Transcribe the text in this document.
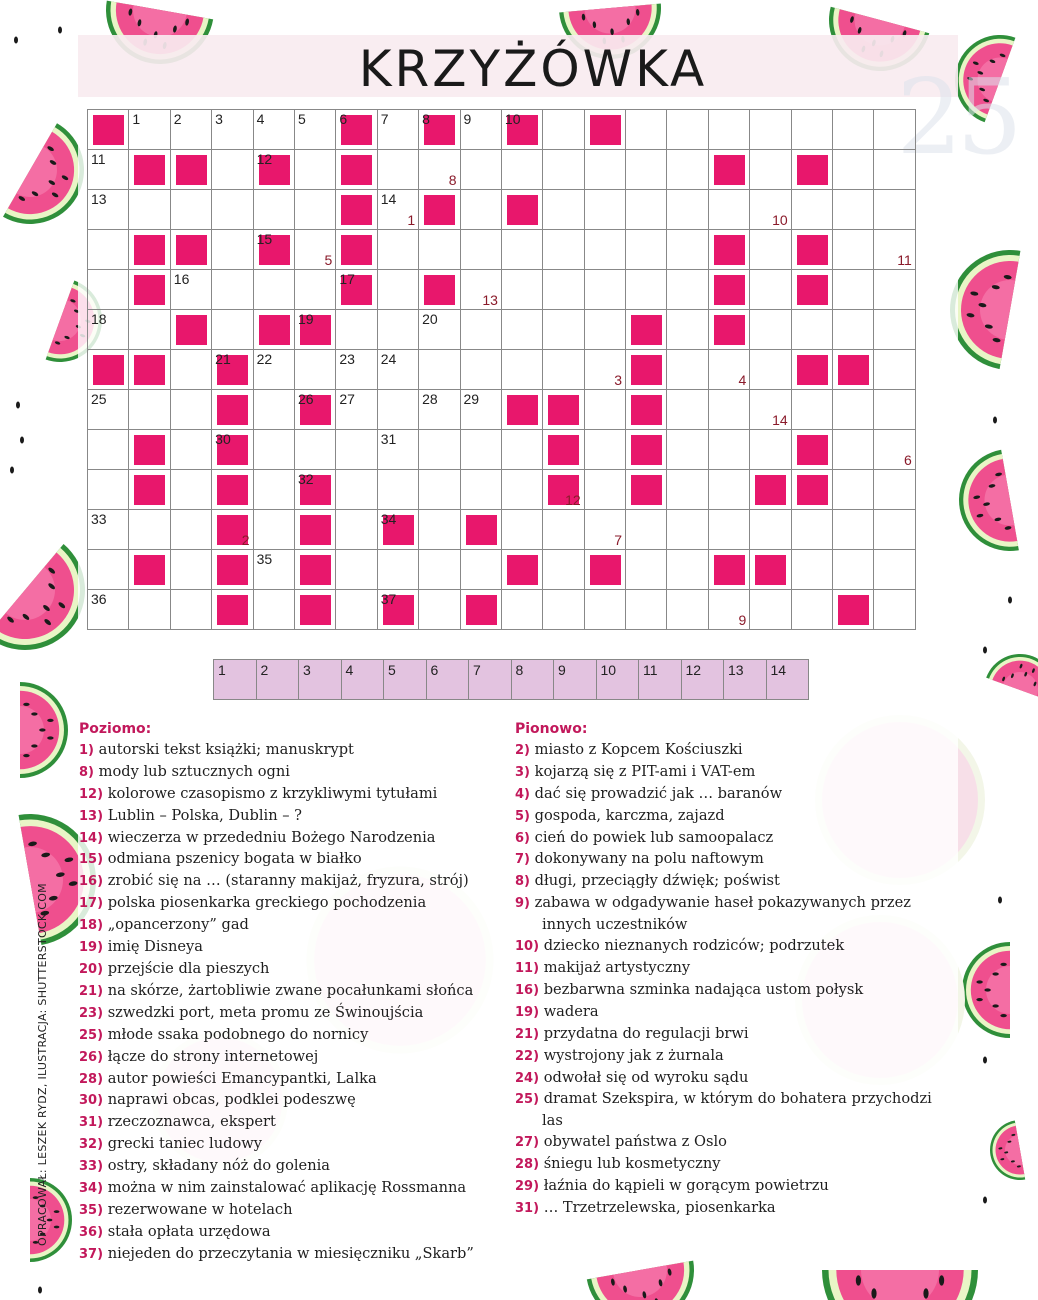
25
KRZYŻÓWKA
1 2 3 4 5 6 7 8 9 10
11	12
8
13	14
1	10
15
5	11
16	17
13
18	19	20
21 22	23 24
3	4
25	26 27	28 29
14
30	31
6
32
12
33
2
34
7
35
36	37
9
1 2 3 4 5 6 7 8 9 10 11 12 13 14
Poziomo:
1) autorski tekst książki; manuskrypt
8) mody lub sztucznych ogni
12) kolorowe czasopismo z krzykliwymi tytułami
13) Lublin – Polska, Dublin – ?
14) wieczerza w przededniu Bożego Narodzenia
15) odmiana pszenicy bogata w białko
16) zrobić się na … (staranny makijaż, fryzura, strój)
17) polska piosenkarka greckiego pochodzenia
18) „opancerzony” gad
19) imię Disneya
20) przejście dla pieszych
21) na skórze, żartobliwie zwane pocałunkami słońca
23) szwedzki port, meta promu ze Świnoujścia
25) młode ssaka podobnego do nornicy
26) łącze do strony internetowej
28) autor powieści Emancypantki, Lalka
30) naprawi obcas, podklei podeszwę
31) rzeczoznawca, ekspert
32) grecki taniec ludowy
33) ostry, składany nóż do golenia
34) można w nim zainstalować aplikację Rossmanna
35) rezerwowane w hotelach
36) stała opłata urzędowa
37) niejeden do przeczytania w miesięczniku „Skarb”
Pionowo:
2) miasto z Kopcem Kościuszki
3) kojarzą się z PIT-ami i VAT-em
4) dać się prowadzić jak … baranów
5) gospoda, karczma, zajazd
6) cień do powiek lub samoopalacz
7) dokonywany na polu naftowym
8) długi, przeciągły dźwięk; poświst
9) zabawa w odgadywanie haseł pokazywanych przez innych uczestników
10) dziecko nieznanych rodziców; podrzutek
11) makijaż artystyczny
16) bezbarwna szminka nadająca ustom połysk
19) wadera
21) przydatna do regulacji brwi
22) wystrojony jak z żurnala
24) odwołał się od wyroku sądu
25) dramat Szekspira, w którym do bohatera przychodzi las
27) obywatel państwa z Oslo
28) śniegu lub kosmetyczny
29) łaźnia do kąpieli w gorącym powietrzu
31) … Trzetrzelewska, piosenkarka
OPRACOWAŁ: LESZEK RYDZ, ILUSTRACJA: SHUTTERSTOCK.COM
